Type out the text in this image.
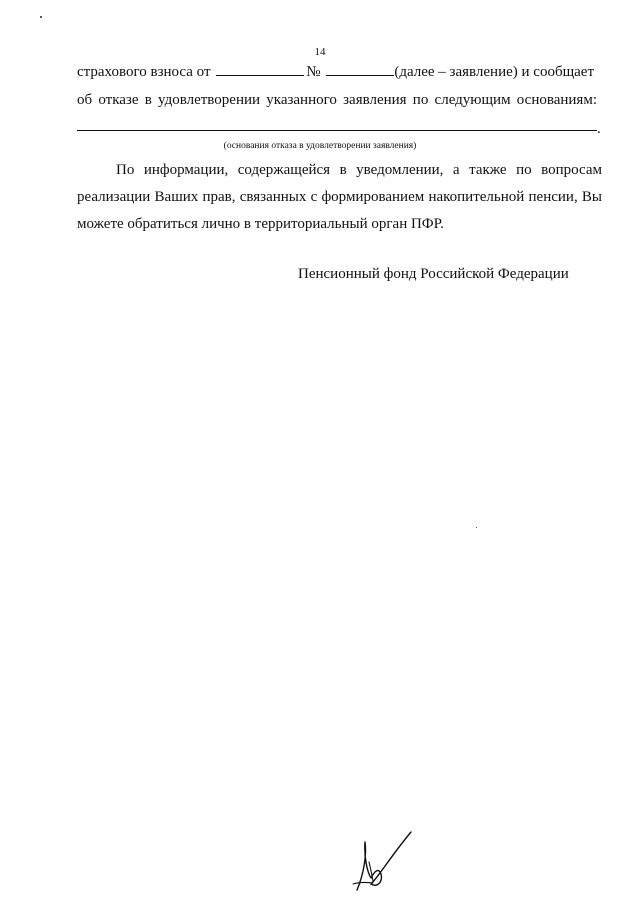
14
страхового взноса от	№	(далее – заявление) и сообщает
об отказе в удовлетворении указанного заявления по следующим основаниям:
.
(основания отказа в удовлетворении заявления)
По информации, содержащейся в уведомлении, а также по вопросам
реализации Ваших прав, связанных с формированием накопительной пенсии, Вы
можете обратиться лично в территориальный орган ПФР.
Пенсионный фонд Российской Федерации
